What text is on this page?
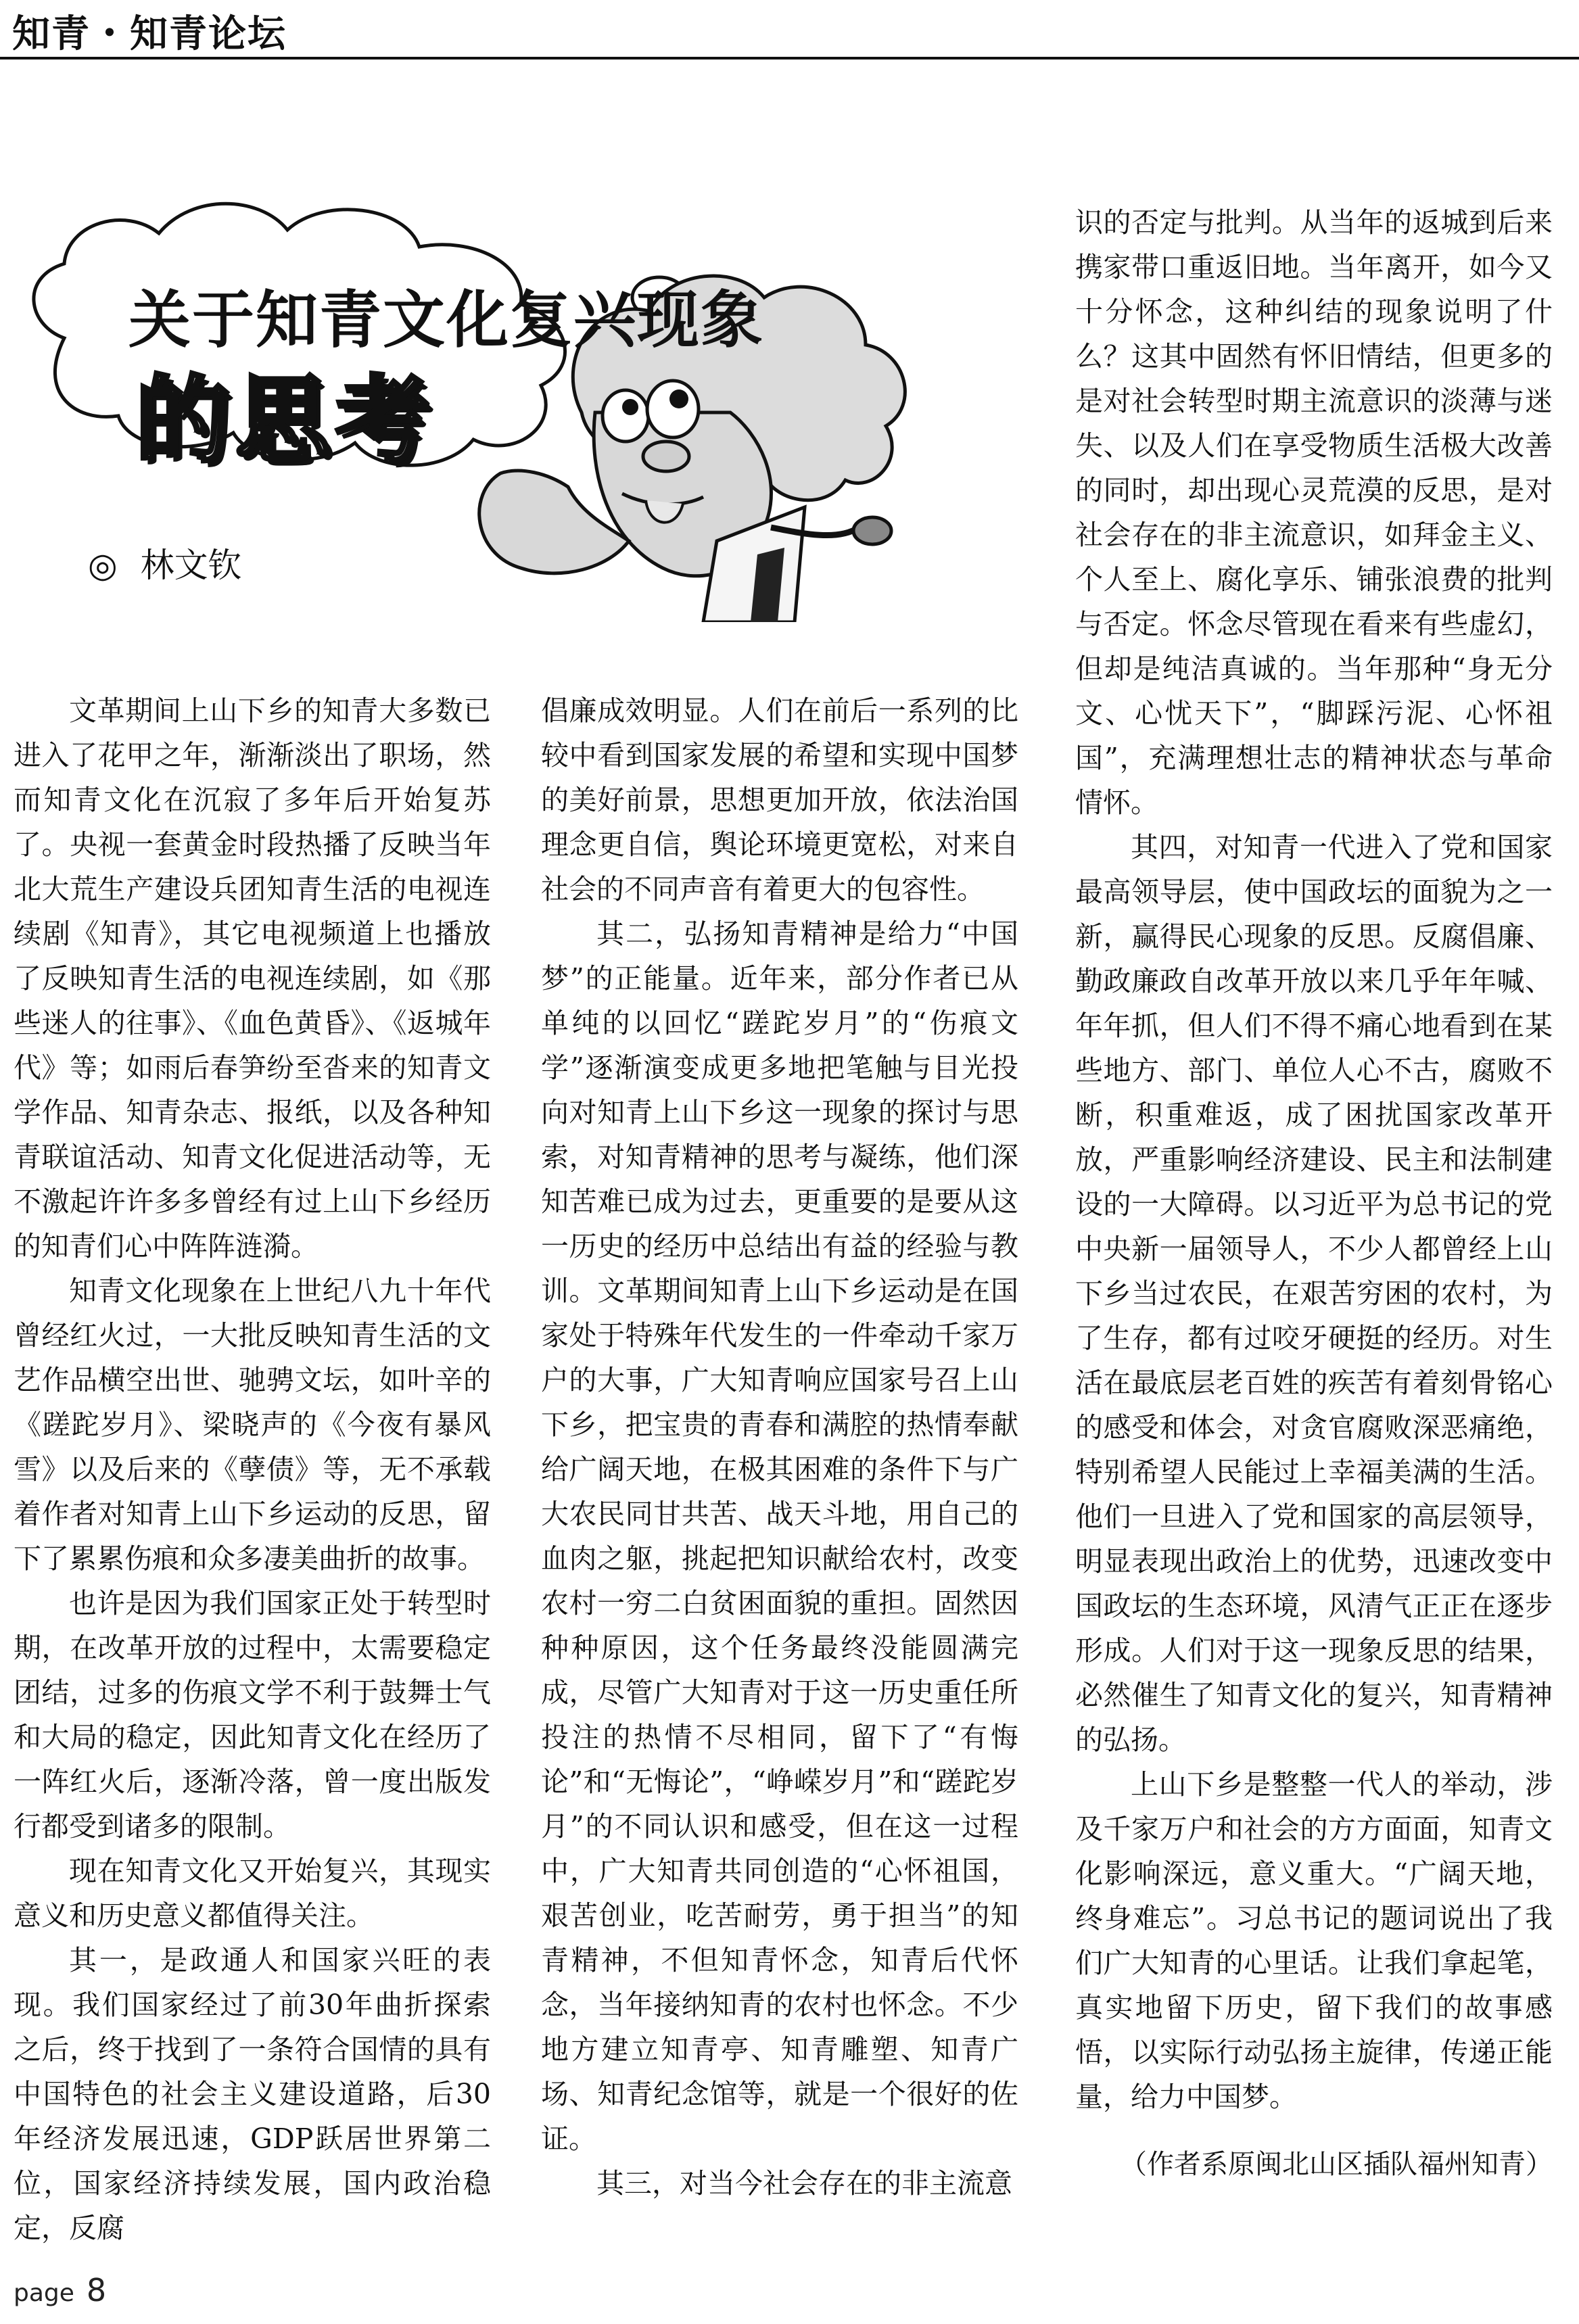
知青・知青论坛
关于知青文化复兴现象
的思考
◎ 林文钦

文革期间上山下乡的知青大多数已进入了花甲之年，渐渐淡出了职场，然而知青文化在沉寂了多年后开始复苏了。央视一套黄金时段热播了反映当年北大荒生产建设兵团知青生活的电视连续剧《知青》，其它电视频道上也播放了反映知青生活的电视连续剧，如《那些迷人的往事》、《血色黄昏》、《返城年代》等；如雨后春笋纷至沓来的知青文学作品、知青杂志、报纸，以及各种知青联谊活动、知青文化促进活动等，无不激起许许多多曾经有过上山下乡经历的知青们心中阵阵涟漪。

知青文化现象在上世纪八九十年代曾经红火过，一大批反映知青生活的文艺作品横空出世、驰骋文坛，如叶辛的《蹉跎岁月》、梁晓声的《今夜有暴风雪》以及后来的《孽债》等，无不承载着作者对知青上山下乡运动的反思，留下了累累伤痕和众多凄美曲折的故事。

也许是因为我们国家正处于转型时期，在改革开放的过程中，太需要稳定团结，过多的伤痕文学不利于鼓舞士气和大局的稳定，因此知青文化在经历了一阵红火后，逐渐冷落，曾一度出版发行都受到诸多的限制。

现在知青文化又开始复兴，其现实意义和历史意义都值得关注。

其一，是政通人和国家兴旺的表现。我们国家经过了前30年曲折探索之后，终于找到了一条符合国情的具有中国特色的社会主义建设道路，后30年经济发展迅速，GDP跃居世界第二位，国家经济持续发展，国内政治稳定，反腐

倡廉成效明显。人们在前后一系列的比较中看到国家发展的希望和实现中国梦的美好前景，思想更加开放，依法治国理念更自信，舆论环境更宽松，对来自社会的不同声音有着更大的包容性。

其二，弘扬知青精神是给力“中国梦”的正能量。近年来，部分作者已从单纯的以回忆“蹉跎岁月”的“伤痕文学”逐渐演变成更多地把笔触与目光投向对知青上山下乡这一现象的探讨与思索，对知青精神的思考与凝练，他们深知苦难已成为过去，更重要的是要从这一历史的经历中总结出有益的经验与教训。文革期间知青上山下乡运动是在国家处于特殊年代发生的一件牵动千家万户的大事，广大知青响应国家号召上山下乡，把宝贵的青春和满腔的热情奉献给广阔天地，在极其困难的条件下与广大农民同甘共苦、战天斗地，用自己的血肉之躯，挑起把知识献给农村，改变农村一穷二白贫困面貌的重担。固然因种种原因，这个任务最终没能圆满完成，尽管广大知青对于这一历史重任所投注的热情不尽相同，留下了“有悔论”和“无悔论”，“峥嵘岁月”和“蹉跎岁月”的不同认识和感受，但在这一过程中，广大知青共同创造的“心怀祖国，艰苦创业，吃苦耐劳，勇于担当”的知青精神，不但知青怀念，知青后代怀念，当年接纳知青的农村也怀念。不少地方建立知青亭、知青雕塑、知青广场、知青纪念馆等，就是一个很好的佐证。

其三，对当今社会存在的非主流意

识的否定与批判。从当年的返城到后来携家带口重返旧地。当年离开，如今又十分怀念，这种纠结的现象说明了什么？这其中固然有怀旧情结，但更多的是对社会转型时期主流意识的淡薄与迷失、以及人们在享受物质生活极大改善的同时，却出现心灵荒漠的反思，是对社会存在的非主流意识，如拜金主义、个人至上、腐化享乐、铺张浪费的批判与否定。怀念尽管现在看来有些虚幻，但却是纯洁真诚的。当年那种“身无分文、心忧天下”，“脚踩污泥、心怀祖国”，充满理想壮志的精神状态与革命情怀。

其四，对知青一代进入了党和国家最高领导层，使中国政坛的面貌为之一新，赢得民心现象的反思。反腐倡廉、勤政廉政自改革开放以来几乎年年喊、年年抓，但人们不得不痛心地看到在某些地方、部门、单位人心不古，腐败不断，积重难返，成了困扰国家改革开放，严重影响经济建设、民主和法制建设的一大障碍。以习近平为总书记的党中央新一届领导人，不少人都曾经上山下乡当过农民，在艰苦穷困的农村，为了生存，都有过咬牙硬挺的经历。对生活在最底层老百姓的疾苦有着刻骨铭心的感受和体会，对贪官腐败深恶痛绝，特别希望人民能过上幸福美满的生活。他们一旦进入了党和国家的高层领导，明显表现出政治上的优势，迅速改变中国政坛的生态环境，风清气正正在逐步形成。人们对于这一现象反思的结果，必然催生了知青文化的复兴，知青精神的弘扬。

上山下乡是整整一代人的举动，涉及千家万户和社会的方方面面，知青文化影响深远，意义重大。“广阔天地，终身难忘”。习总书记的题词说出了我们广大知青的心里话。让我们拿起笔，真实地留下历史，留下我们的故事感悟，以实际行动弘扬主旋律，传递正能量，给力中国梦。

（作者系原闽北山区插队福州知青）
page 8
